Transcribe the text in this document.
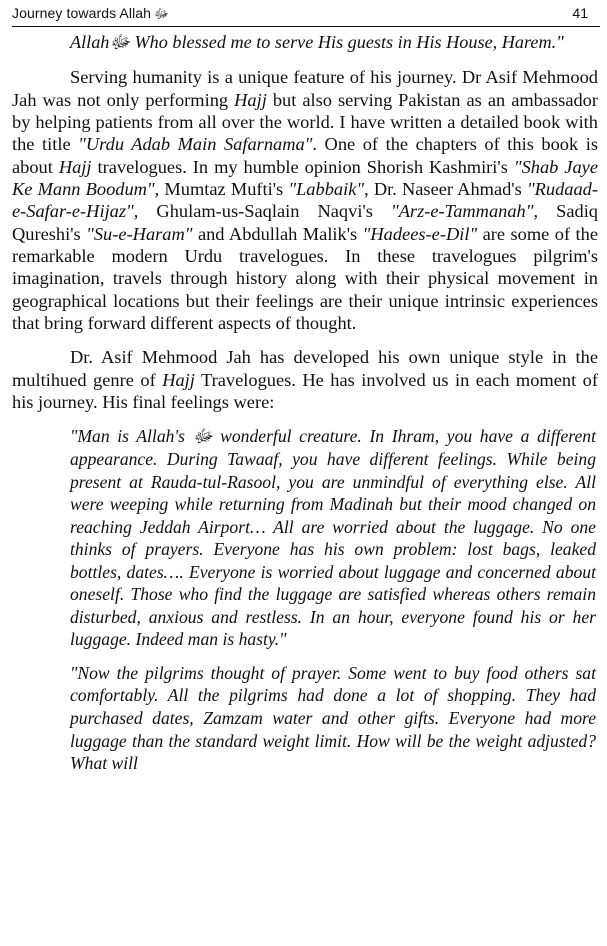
Journey towards Allah ﷻ	41

Allahﷻ Who blessed me to serve His guests in His House, Harem."

Serving humanity is a unique feature of his journey. Dr Asif Mehmood Jah was not only performing Hajj but also serving Pakistan as an ambassador by helping patients from all over the world. I have written a detailed book with the title "Urdu Adab Main Safarnama". One of the chapters of this book is about Hajj travelogues. In my humble opinion Shorish Kashmiri's "Shab Jaye Ke Mann Boodum", Mumtaz Mufti's "Labbaik", Dr. Naseer Ahmad's "Rudaad-e-Safar-e-Hijaz", Ghulam-us-Saqlain Naqvi's "Arz-e-Tammanah", Sadiq Qureshi's "Su-e-Haram" and Abdullah Malik's "Hadees-e-Dil" are some of the remarkable modern Urdu travelogues. In these travelogues pilgrim's imagination, travels through history along with their physical movement in geographical locations but their feelings are their unique intrinsic experiences that bring forward different aspects of thought.

Dr. Asif Mehmood Jah has developed his own unique style in the multihued genre of Hajj Travelogues. He has involved us in each moment of his journey. His final feelings were:

"Man is Allah's ﷻ wonderful creature. In Ihram, you have a different appearance. During Tawaaf, you have different feelings. While being present at Rauda-tul-Rasool, you are unmindful of everything else. All were weeping while returning from Madinah but their mood changed on reaching Jeddah Airport… All are worried about the luggage. No one thinks of prayers. Everyone has his own problem: lost bags, leaked bottles, dates…. Everyone is worried about luggage and concerned about oneself. Those who find the luggage are satisfied whereas others remain disturbed, anxious and restless. In an hour, everyone found his or her luggage. Indeed man is hasty."

"Now the pilgrims thought of prayer. Some went to buy food others sat comfortably. All the pilgrims had done a lot of shopping. They had purchased dates, Zamzam water and other gifts. Everyone had more luggage than the standard weight limit. How will be the weight adjusted? What will
